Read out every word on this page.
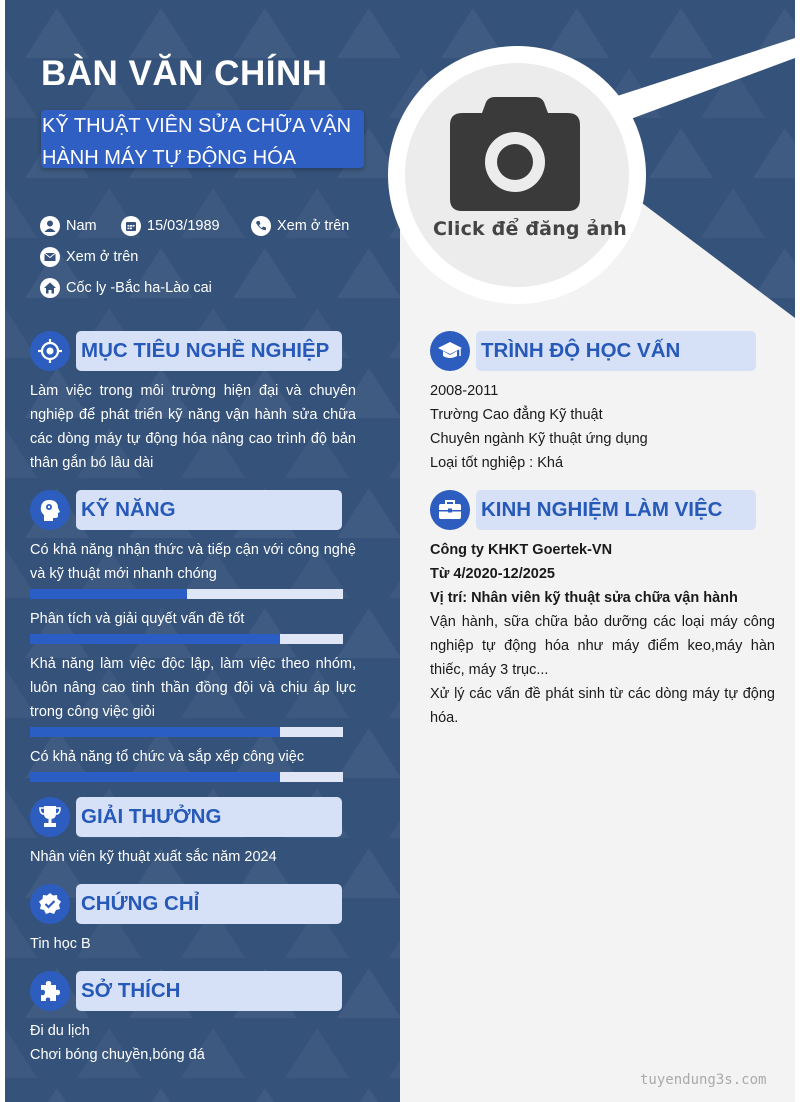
BÀN VĂN CHÍNH
KỸ THUẬT VIÊN SỬA CHỮA VẬN
HÀNH MÁY TỰ ĐỘNG HÓA
Nam	15/03/1989	Xem ở trên
Xem ở trên
Cốc ly -Bắc ha-Lào cai
Click để đăng ảnh
MỤC TIÊU NGHỀ NGHIỆP
Làm việc trong môi trường hiện đại và chuyên nghiệp để phát triển kỹ năng vận hành sửa chữa các dòng máy tự động hóa nâng cao trình độ bản thân gắn bó lâu dài
KỸ NĂNG
Có khả năng nhận thức và tiếp cận với công nghệ và kỹ thuật mới nhanh chóng
Phân tích và giải quyết vấn đề tốt
Khả năng làm việc độc lập, làm việc theo nhóm, luôn nâng cao tinh thần đồng đội và chịu áp lực trong công việc giỏi
Có khả năng tổ chức và sắp xếp công việc
GIẢI THƯỞNG
Nhân viên kỹ thuật xuất sắc năm 2024
CHỨNG CHỈ
Tin học B
SỞ THÍCH
Đi du lịch
Chơi bóng chuyền,bóng đá
TRÌNH ĐỘ HỌC VẤN
2008-2011
Trường Cao đẳng Kỹ thuật
Chuyên ngành Kỹ thuật ứng dụng
Loại tốt nghiệp : Khá
KINH NGHIỆM LÀM VIỆC
Công ty KHKT Goertek-VN
Từ 4/2020-12/2025
Vị trí: Nhân viên kỹ thuật sửa chữa vận hành
Vận hành, sữa chữa bảo dưỡng các loại máy công nghiệp tự động hóa như máy điểm keo,máy hàn thiếc, máy 3 trục...
Xử lý các vấn đề phát sinh từ các dòng máy tự động hóa.
tuyendung3s.com
